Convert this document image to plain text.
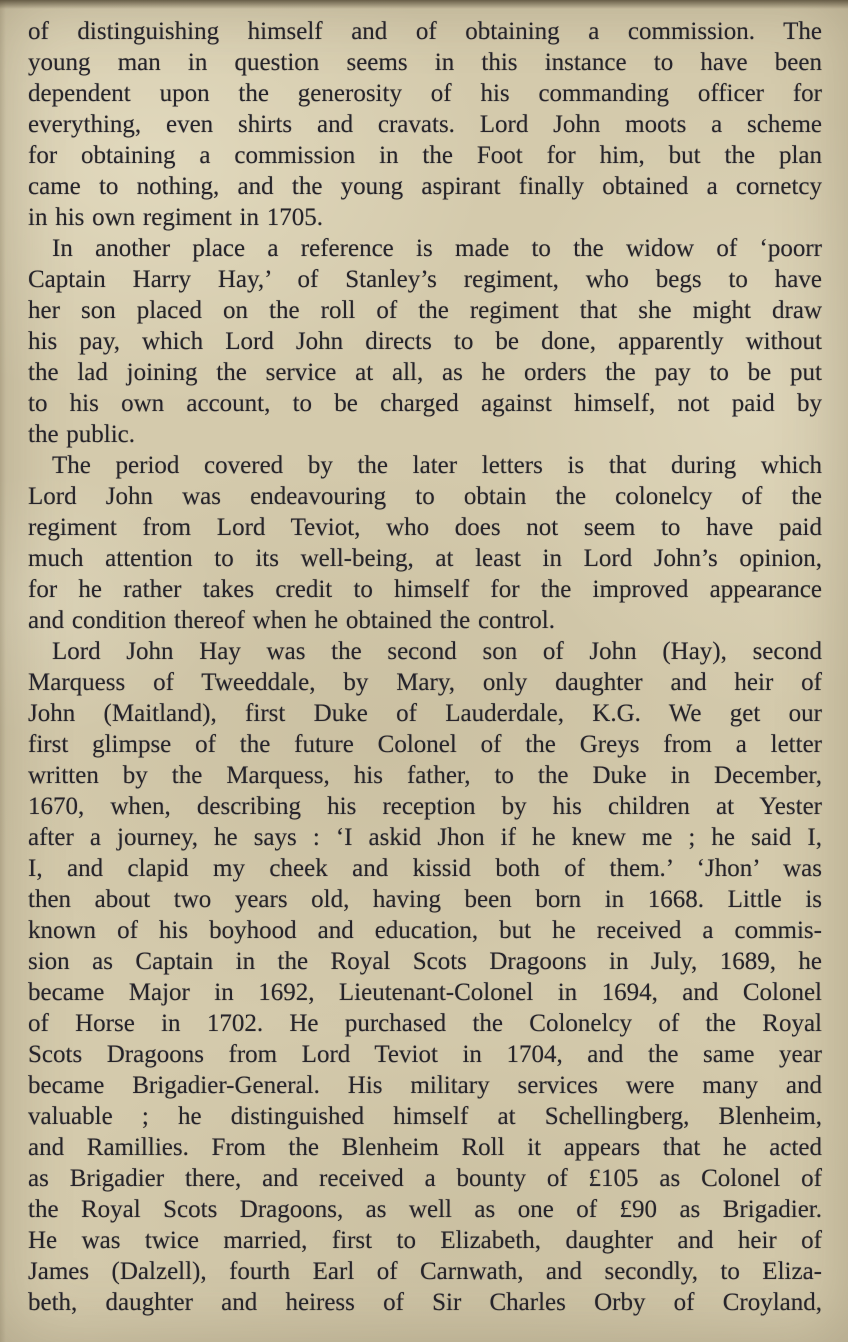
of distinguishing himself and of obtaining a commission. The
young man in question seems in this instance to have been
dependent upon the generosity of his commanding officer for
everything, even shirts and cravats. Lord John moots a scheme
for obtaining a commission in the Foot for him, but the plan
came to nothing, and the young aspirant finally obtained a cornetcy
in his own regiment in 1705.
In another place a reference is made to the widow of ‘poorr
Captain Harry Hay,’ of Stanley’s regiment, who begs to have
her son placed on the roll of the regiment that she might draw
his pay, which Lord John directs to be done, apparently without
the lad joining the service at all, as he orders the pay to be put
to his own account, to be charged against himself, not paid by
the public.
The period covered by the later letters is that during which
Lord John was endeavouring to obtain the colonelcy of the
regiment from Lord Teviot, who does not seem to have paid
much attention to its well-being, at least in Lord John’s opinion,
for he rather takes credit to himself for the improved appearance
and condition thereof when he obtained the control.
Lord John Hay was the second son of John (Hay), second
Marquess of Tweeddale, by Mary, only daughter and heir of
John (Maitland), first Duke of Lauderdale, K.G. We get our
first glimpse of the future Colonel of the Greys from a letter
written by the Marquess, his father, to the Duke in December,
1670, when, describing his reception by his children at Yester
after a journey, he says : ‘I askid Jhon if he knew me ; he said I,
I, and clapid my cheek and kissid both of them.’ ‘Jhon’ was
then about two years old, having been born in 1668. Little is
known of his boyhood and education, but he received a commis-
sion as Captain in the Royal Scots Dragoons in July, 1689, he
became Major in 1692, Lieutenant-Colonel in 1694, and Colonel
of Horse in 1702. He purchased the Colonelcy of the Royal
Scots Dragoons from Lord Teviot in 1704, and the same year
became Brigadier-General. His military services were many and
valuable ; he distinguished himself at Schellingberg, Blenheim,
and Ramillies. From the Blenheim Roll it appears that he acted
as Brigadier there, and received a bounty of £105 as Colonel of
the Royal Scots Dragoons, as well as one of £90 as Brigadier.
He was twice married, first to Elizabeth, daughter and heir of
James (Dalzell), fourth Earl of Carnwath, and secondly, to Eliza-
beth, daughter and heiress of Sir Charles Orby of Croyland,
